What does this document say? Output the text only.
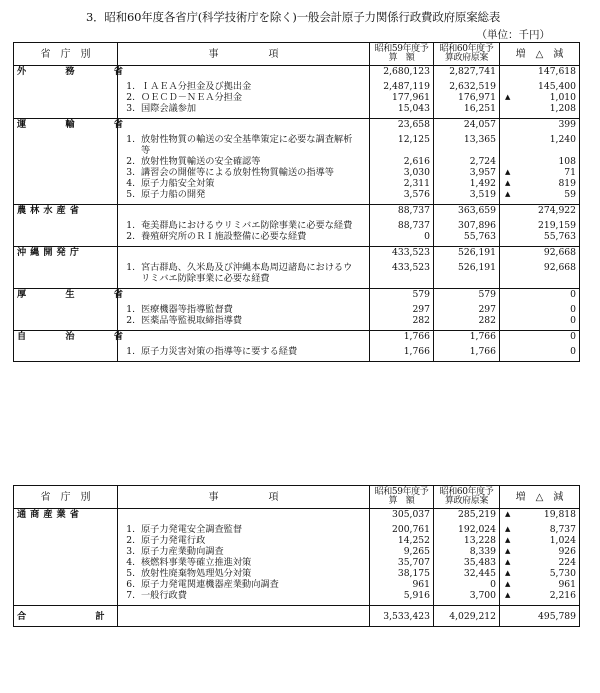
3．昭和60年度各省庁(科学技術庁を除く)一般会計原子力関係行政費政府原案総表
（単位：千円）
省　庁　別	事　　　　　項	昭和59年度予　算　額	昭和60年度予算政府原案	増　△　減
外　務　省		2,680,123	2,827,741	147,618

	1. ＩＡＥＡ分担金及び拠出金	2,487,119	2,632,519	145,400
	2. ＯＥＣＤ－ＮＥＡ分担金	177,961	176,971	▲ 1,010
	3. 国際会議参加	15,043	16,251	1,208

運　輸　省		23,658	24,057	399

	1. 放射性物質の輸送の安全基準策定に必要な調査解析等	12,125	13,365	1,240
	2. 放射性物質輸送の安全確認等	2,616	2,724	108
	3. 講習会の開催等による放射性物質輸送の指導等	3,030	3,957	▲ 71
	4. 原子力船安全対策	2,311	1,492	▲ 819
	5. 原子力船の開発	3,576	3,519	▲ 59

農林水産省		88,737	363,659	274,922

	1. 奄美群島におけるウリミバエ防除事業に必要な経費	88,737	307,896	219,159
	2. 養殖研究所のＲＩ施設整備に必要な経費	0	55,763	55,763

沖縄開発庁		433,523	526,191	92,668

	1. 宮古群島、久米島及び沖縄本島周辺諸島におけるウリミバエ防除事業に必要な経費	433,523	526,191	92,668

厚　生　省		579	579	0

	1. 医療機器等指導監督費	297	297	0
	2. 医薬品等監視取締指導費	282	282	0

自　治　省		1,766	1,766	0

	1. 原子力災害対策の指導等に要する経費	1,766	1,766	0

省　庁　別	事　　　　　項	昭和59年度予　算　額	昭和60年度予算政府原案	増　△　減
通商産業省		305,037	285,219	▲ 19,818

	1. 原子力発電安全調査監督	200,761	192,024	▲ 8,737
	2. 原子力発電行政	14,252	13,228	▲ 1,024
	3. 原子力産業動向調査	9,265	8,339	▲ 926
	4. 核燃料事業等確立推進対策	35,707	35,483	▲ 224
	5. 放射性廃棄物処理処分対策	38,175	32,445	▲ 5,730
	6. 原子力発電関連機器産業動向調査	961	0	▲ 961
	7. 一般行政費	5,916	3,700	▲ 2,216

合　計		3,533,423	4,029,212	495,789
